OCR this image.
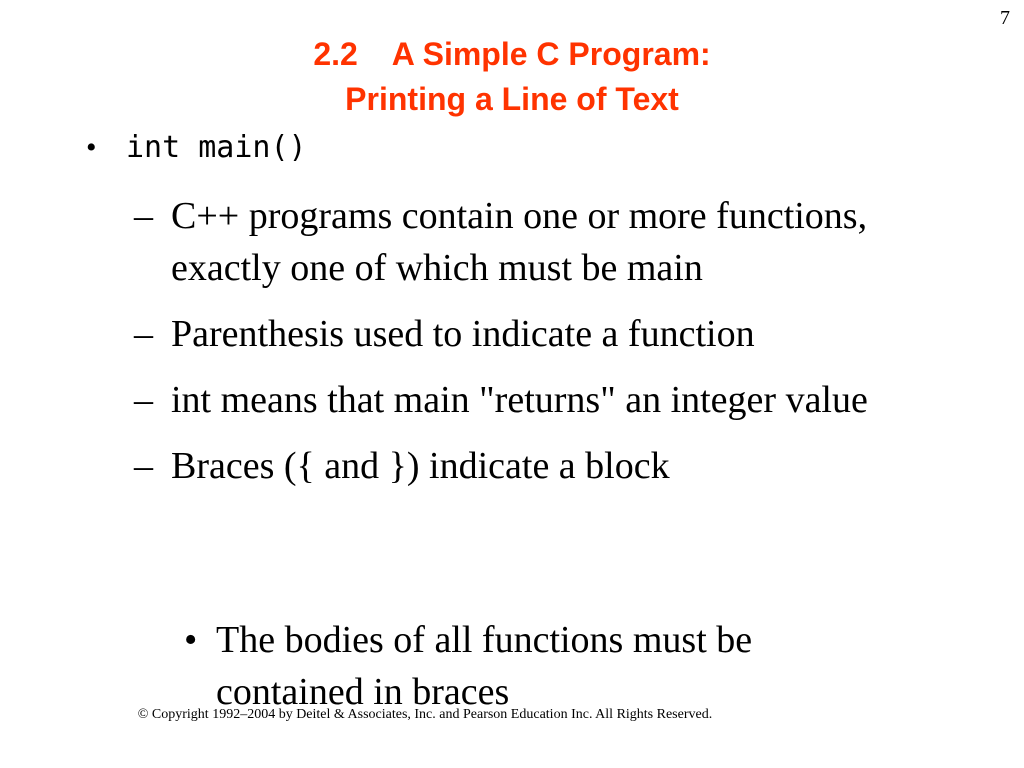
7
2.2 A Simple C Program:
Printing a Line of Text
• int main()
– C++ programs contain one or more functions, exactly one of which must be main
– Parenthesis used to indicate a function
– int means that main "returns" an integer value
– Braces ({ and }) indicate a block
• The bodies of all functions must be contained in braces
© Copyright 1992–2004 by Deitel & Associates, Inc. and Pearson Education Inc. All Rights Reserved.
